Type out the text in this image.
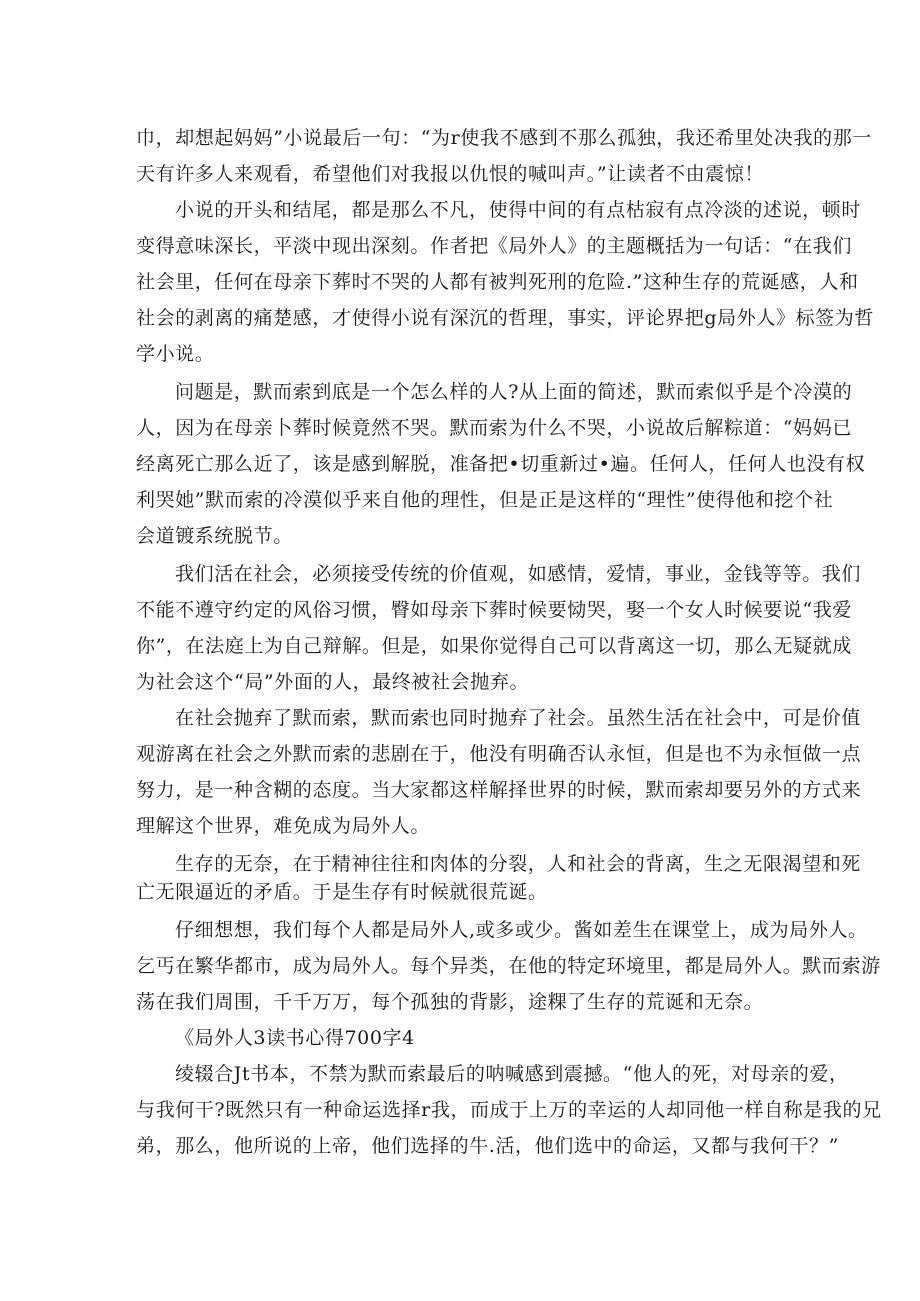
巾，却想起妈妈”小说最后一句：“为r使我不感到不那么孤独，我还希里处决我的那一
天有许多人来观看，希望他们对我报以仇恨的喊叫声。”让读者不由震惊！
小说的开头和结尾，都是那么不凡，使得中间的有点枯寂有点冷淡的述说，顿时
变得意味深长，平淡中现出深刻。作者把《局外人》的主题概括为一句话：“在我们
社会里，任何在母亲下葬时不哭的人都有被判死刑的危险.”这种生存的荒诞感，人和
社会的剥离的痛楚感，才使得小说有深沉的哲理，事实，评论界把g局外人》标签为哲
学小说。
问题是，默而索到底是一个怎么样的人?从上面的简述，默而索似乎是个冷漠的
人，因为在母亲卜葬时候竟然不哭。默而索为什么不哭，小说故后解粽道：“妈妈已
经离死亡那么近了，该是感到解脱，准备把•切重新过•遍。任何人，任何人也没有权
利哭她”默而索的冷漠似乎来自他的理性，但是正是这样的“理性”使得他和挖个社
会道镀系统脱节。
我们活在社会，必须接受传统的价值观，如感情，爱情，事业，金钱等等。我们
不能不遵守约定的风俗习惯，臀如母亲下葬时候要恸哭，娶一个女人时候要说“我爱
你”，在法庭上为自己辩解。但是，如果你觉得自己可以背离这一切，那么无疑就成
为社会这个“局”外面的人，最终被社会抛弃。
在社会抛弃了默而索，默而索也同时抛弃了社会。虽然生活在社会中，可是价值
观游离在社会之外默而索的悲剧在于，他没有明确否认永恒，但是也不为永恒做一点
努力，是一种含糊的态度。当大家都这样解择世界的时候，默而索却要另外的方式来
理解这个世界，难免成为局外人。
生存的无奈，在于精神往往和肉体的分裂，人和社会的背离，生之无限渴望和死
亡无限逼近的矛盾。于是生存有时候就很荒诞。
仔细想想，我们每个人都是局外人,或多或少。酱如差生在课堂上，成为局外人。
乞丐在繁华都市，成为局外人。每个异类，在他的特定环境里，都是局外人。默而索游
荡在我们周围，千千万万，每个孤独的背影，途粿了生存的荒诞和无奈。
《局外人3读书心得700字4
绫辍合Jt书本，不禁为默而索最后的呐喊感到震撼。“他人的死，对母亲的爱，
与我何干?既然只有一种命运选择r我，而成于上万的幸运的人却同他一样自称是我的兄
弟，那么，他所说的上帝，他们选择的牛.活，他们选中的命运，又都与我何干？”
